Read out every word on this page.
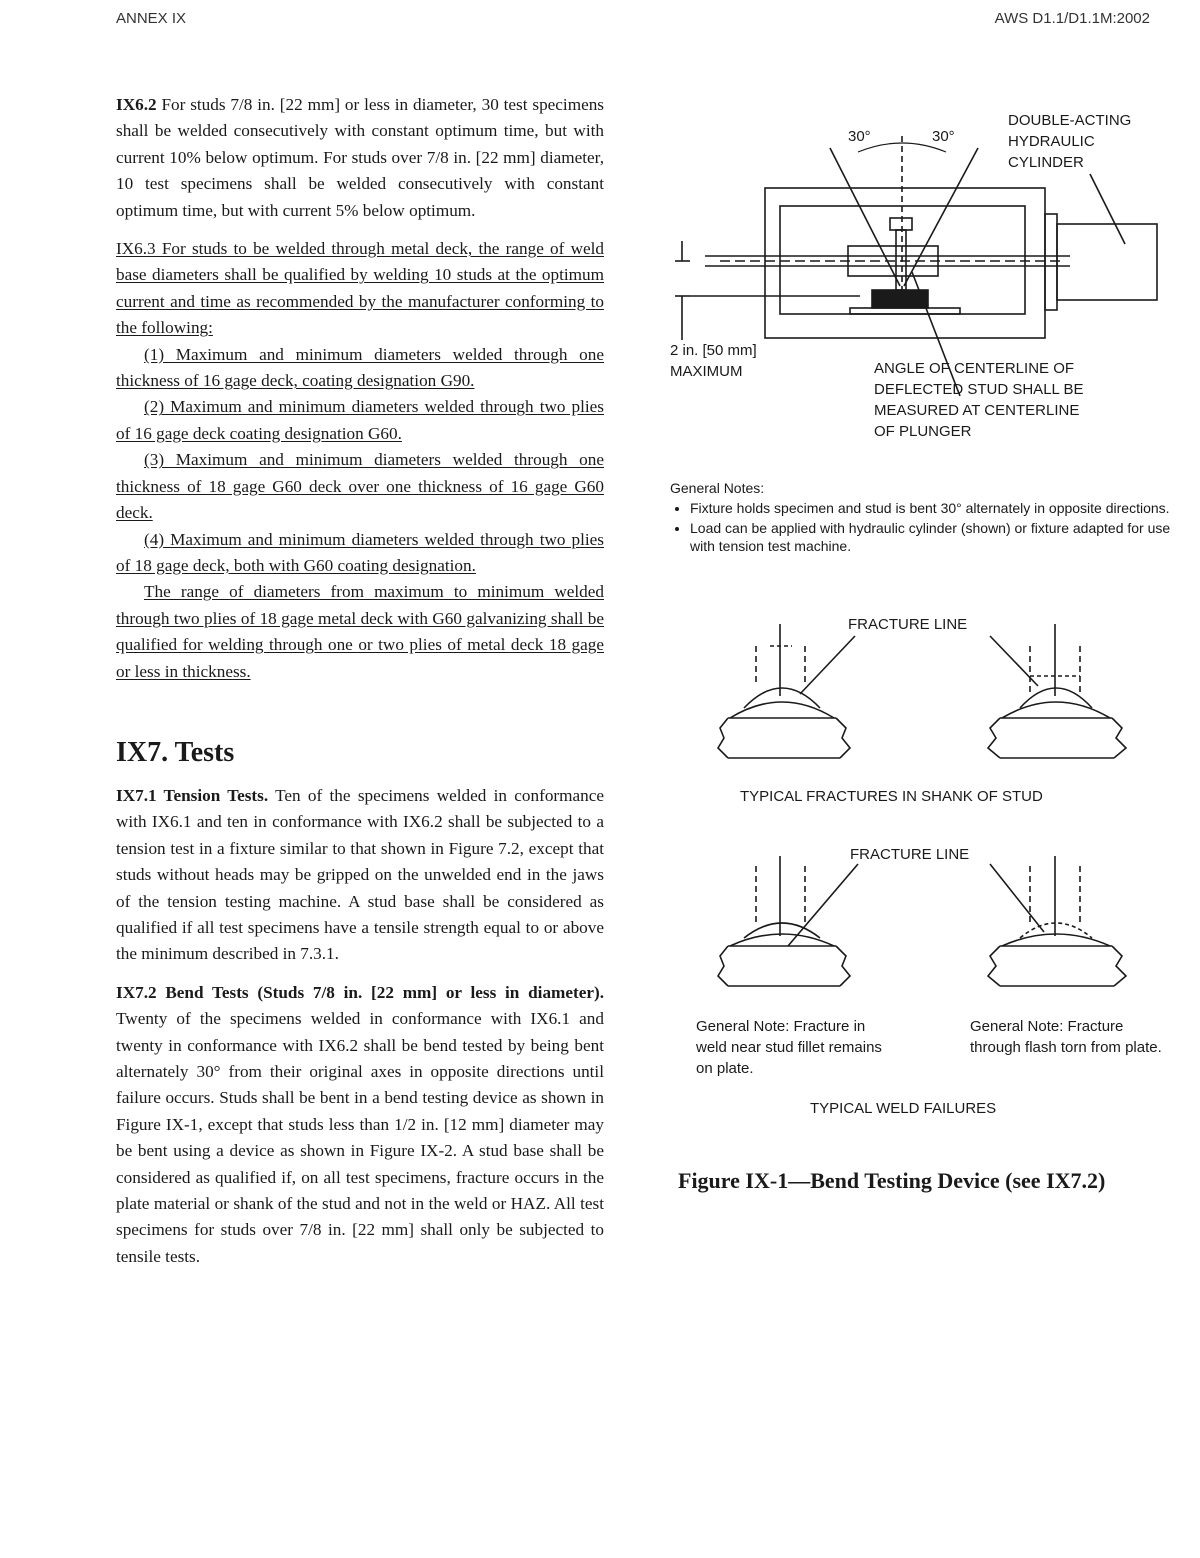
ANNEX IX	AWS D1.1/D1.1M:2002

IX6.2 For studs 7/8 in. [22 mm] or less in diameter, 30 test specimens shall be welded consecutively with constant optimum time, but with current 10% below optimum. For studs over 7/8 in. [22 mm] diameter, 10 test specimens shall be welded consecutively with constant optimum time, but with current 5% below optimum.

IX6.3 For studs to be welded through metal deck, the range of weld base diameters shall be qualified by welding 10 studs at the optimum current and time as recommended by the manufacturer conforming to the following:

(1) Maximum and minimum diameters welded through one thickness of 16 gage deck, coating designation G90.

(2) Maximum and minimum diameters welded through two plies of 16 gage deck coating designation G60.

(3) Maximum and minimum diameters welded through one thickness of 18 gage G60 deck over one thickness of 16 gage G60 deck.

(4) Maximum and minimum diameters welded through two plies of 18 gage deck, both with G60 coating designation.

The range of diameters from maximum to minimum welded through two plies of 18 gage metal deck with G60 galvanizing shall be qualified for welding through one or two plies of metal deck 18 gage or less in thickness.

IX7. Tests

IX7.1 Tension Tests. Ten of the specimens welded in conformance with IX6.1 and ten in conformance with IX6.2 shall be subjected to a tension test in a fixture similar to that shown in Figure 7.2, except that studs without heads may be gripped on the unwelded end in the jaws of the tension testing machine. A stud base shall be considered as qualified if all test specimens have a tensile strength equal to or above the minimum described in 7.3.1.

IX7.2 Bend Tests (Studs 7/8 in. [22 mm] or less in diameter). Twenty of the specimens welded in conformance with IX6.1 and twenty in conformance with IX6.2 shall be bend tested by being bent alternately 30° from their original axes in opposite directions until failure occurs. Studs shall be bent in a bend testing device as shown in Figure IX-1, except that studs less than 1/2 in. [12 mm] diameter may be bent using a device as shown in Figure IX-2. A stud base shall be considered as qualified if, on all test specimens, fracture occurs in the plate material or shank of the stud and not in the weld or HAZ. All test specimens for studs over 7/8 in. [22 mm] shall only be subjected to tensile tests.

30°	30°
DOUBLE-ACTING
HYDRAULIC
CYLINDER
2 in. [50 mm]
MAXIMUM	ANGLE OF CENTERLINE OF
DEFLECTED STUD SHALL BE
MEASURED AT CENTERLINE
OF PLUNGER
General Notes:
• Fixture holds specimen and stud is bent 30° alternately in opposite directions.
• Load can be applied with hydraulic cylinder (shown) or fixture adapted for use with tension test machine.
FRACTURE LINE
TYPICAL FRACTURES IN SHANK OF STUD
FRACTURE LINE
General Note: Fracture in weld near stud fillet remains on plate.
General Note: Fracture through flash torn from plate.
TYPICAL WELD FAILURES
Figure IX-1—Bend Testing Device (see IX7.2)
